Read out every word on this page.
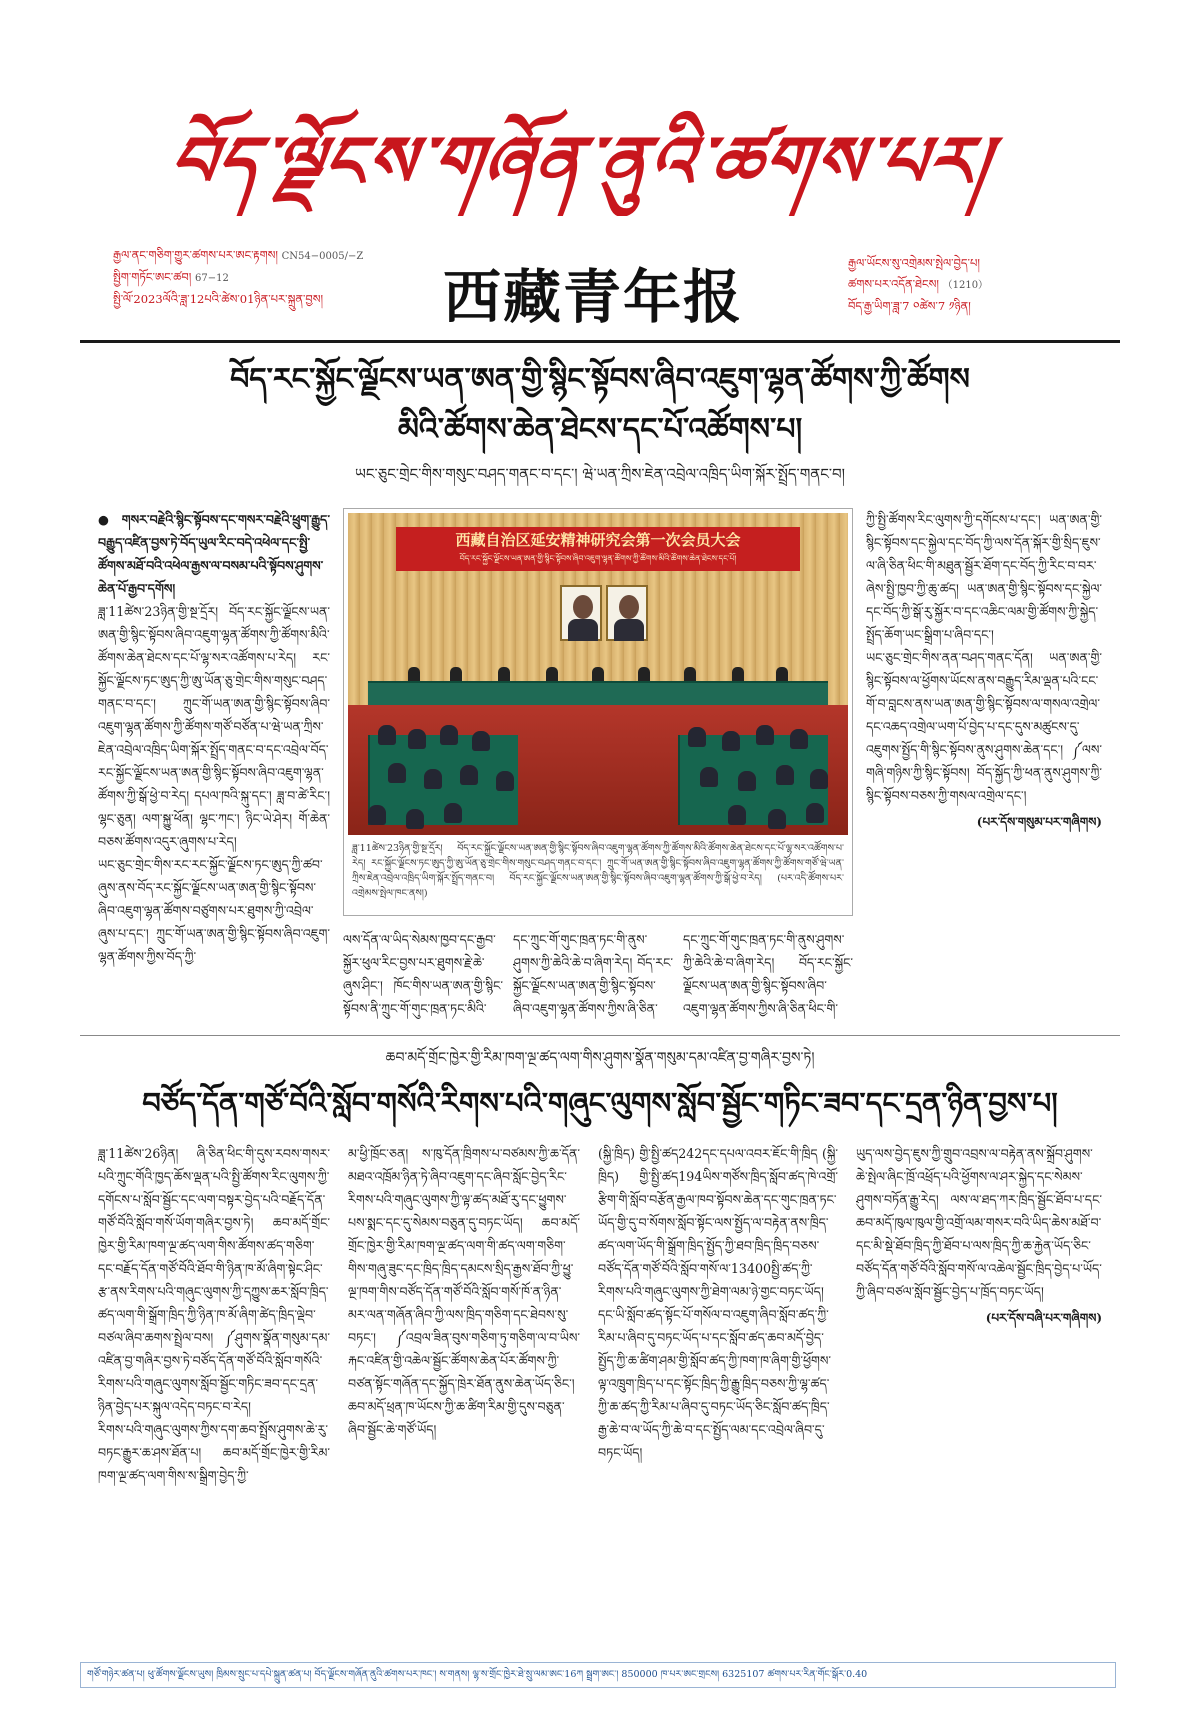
བོད་ལྗོངས་གཞོན་ནུའི་ཚགས་པར།
རྒྱལ་ནང་གཅིག་གྱུར་ཚགས་པར་ཨང་རྟགས། CN54−0005/−Z
སྤྱིག་གཏོང་ཨང་ཚབ། 67−12
སྤྱི་ལོ་2023ལོའི་ཟླ་12པའི་ཚེས་01ཉིན་པར་སྐྲུན་བྱས།	西藏青年报	རྒྱལ་ཡོངས་སུ་འགྲེམས་སྤེལ་བྱེད་པ།
ཚགས་པར་འདོན་ཐེངས། （1210）
བོད་རྒྱ་ཡིག་ཟླ་7 ༠ཚེས་7 ༡ཉིན།
བོད་རང་སྐྱོང་ལྗོངས་ཡན་ཨན་གྱི་སྙིང་སྟོབས་ཞིབ་འཇུག་ལྷན་ཚོགས་ཀྱི་ཚོགས
མིའི་ཚོགས་ཆེན་ཐེངས་དང་པོ་འཚོགས་པ།
ཡང་ཅུང་གྲེང་གིས་གསུང་བཤད་གནང་བ་དང་། ཝེ་ཡན་ཀྲིས་ཇེན་འབྲེལ་འཁྲིད་ཡིག་སྐོར་སྤྲོད་གནང་བ།

● གསར་བརྗེའི་སྙིང་སྟོབས་དང་གསར་བརྗེའི་ཕྲུག་རྒྱུད་བརྒྱུད་འཛིན་བྱས་ཏེ་བོད་ཡུལ་རིང་བདེ་འཕེལ་དང་སྤྱི་ཚོགས་མཐོ་བའི་འཕེལ་རྒྱས་ལ་བསམ་པའི་སྟོབས་ཤུགས་ཆེན་པོ་རྒྱབ་དགོས།

ཟླ་11ཚེས་23ཉིན་གྱི་སྔ་དྲོར། བོད་རང་སྐྱོང་ལྗོངས་ཡན་ཨན་གྱི་སྙིང་སྟོབས་ཞིབ་འཇུག་ལྷན་ཚོགས་ཀྱི་ཚོགས་མིའི་ཚོགས་ཆེན་ཐེངས་དང་པོ་ལྷ་སར་འཚོགས་པ་རེད། རང་སྐྱོང་ལྗོངས་ཏང་ཨུད་ཀྱི་ཨུ་ཡོན་ཅུ་གྲེང་གིས་གསུང་བཤད་གནང་བ་དང་། ཀྲུང་གོ་ཡན་ཨན་གྱི་སྙིང་སྟོབས་ཞིབ་འཇུག་ལྷན་ཚོགས་ཀྱི་ཚོགས་གཙོ་བཙོན་པ་ཝེ་ཡན་ཀྲིས་ཇེན་འབྲེལ་འཁྲིད་ཡིག་སྐོར་སྤྲོད་གནང་བ་དང་འབྲེལ་བོད་རང་སྐྱོང་ལྗོངས་ཡན་ཨན་གྱི་སྙིང་སྟོབས་ཞིབ་འཇུག་ལྷན་ཚོགས་ཀྱི་སྒོ་ཕྱེ་བ་རེད། དཔལ་ཁའི་སྐུ་དང་། ཟླ་བ་ཚེ་རིང་། ལྷང་ཅུན། ལག་སྐྱུ་ཕོན། ལྷང་ཀང་། ཉིང་ཡེ་ཤེར། གོ་ཆེན་བཅས་ཚོགས་འདུར་ཞུགས་པ་རེད།

ཡང་ཅུང་གྲེང་གིས་རང་རང་སྐྱོང་ལྗོངས་ཏང་ཨུད་ཀྱི་ཚབ་ཞུས་ནས་བོད་རང་སྐྱོང་ལྗོངས་ཡན་ཨན་གྱི་སྙིང་སྟོབས་ཞིབ་འཇུག་ལྷན་ཚོགས་བཙུགས་པར་ཐུགས་ཀྱི་འབྲེལ་ཞུས་པ་དང་། ཀྲུང་གོ་ཡན་ཨན་གྱི་སྙིང་སྟོབས་ཞིབ་འཇུག་ལྷན་ཚོགས་ཀྱིས་བོད་ཀྱི་

西藏自治区延安精神研究会第一次会员大会
བོད་རང་སྐྱོང་ལྗོངས་ཡན་ཨན་གྱི་སྙིང་སྟོབས་ཞིབ་འཇུག་ལྷན་ཚོགས་ཀྱི་ཚོགས་མིའི་ཚོགས་ཆེན་ཐེངས་དང་པོ།
ཟླ་11ཚེས་23ཉིན་གྱི་སྔ་དྲོར། བོད་རང་སྐྱོང་ལྗོངས་ཡན་ཨན་གྱི་སྙིང་སྟོབས་ཞིབ་འཇུག་ལྷན་ཚོགས་ཀྱི་ཚོགས་མིའི་ཚོགས་ཆེན་ཐེངས་དང་པོ་ལྷ་སར་འཚོགས་པ་རེད། རང་སྐྱོང་ལྗོངས་ཏང་ཨུད་ཀྱི་ཨུ་ཡོན་ཅུ་གྲེང་གིས་གསུང་བཤད་གནང་བ་དང་། ཀྲུང་གོ་ཡན་ཨན་གྱི་སྙིང་སྟོབས་ཞིབ་འཇུག་ལྷན་ཚོགས་ཀྱི་ཚོགས་གཙོ་ཝེ་ཡན་ཀྲིས་ཇེན་འབྲེལ་འཁྲིད་ཡིག་སྐོར་སྤྲོད་གནང་བ། བོད་རང་སྐྱོང་ལྗོངས་ཡན་ཨན་གྱི་སྙིང་སྟོབས་ཞིབ་འཇུག་ལྷན་ཚོགས་ཀྱི་སྒོ་ཕྱེ་བ་རེད། (པར་འདི་ཚོགས་པར་འགྲེམས་སྤེལ་ཁང་ནས།)
ལས་དོན་ལ་ཡིད་སེམས་ཁྱབ་དང་རྒྱབ་སྐྱོར་ཕུལ་རིང་བྱས་པར་ཐུགས་རྗེ་ཆེ་ཞུས་ཤིང་། ཁོང་གིས་ཡན་ཨན་གྱི་སྙིང་སྟོབས་ནི་ཀྲུང་གོ་གུང་ཁྲན་ཏང་མིའི་
དང་ཀྲུང་གོ་གུང་ཁྲན་ཏང་གི་ནུས་ཤུགས་ཀྱི་ཆེའི་ཆེ་བ་ཞིག་རེད། བོད་རང་སྐྱོང་ལྗོངས་ཡན་ཨན་གྱི་སྙིང་སྟོབས་ཞིབ་འཇུག་ལྷན་ཚོགས་ཀྱིས་ཞི་ཅིན་
དང་ཀྲུང་གོ་གུང་ཁྲན་ཏང་གི་ནུས་ཤུགས་ཀྱི་ཆེའི་ཆེ་བ་ཞིག་རེད། བོད་རང་སྐྱོང་ལྗོངས་ཡན་ཨན་གྱི་སྙིང་སྟོབས་ཞིབ་འཇུག་ལྷན་ཚོགས་ཀྱིས་ཞི་ཅིན་ཕིང་གི་

ཀྱི་སྤྱི་ཚོགས་རིང་ལུགས་ཀྱི་དགོངས་པ་དང་། ཡན་ཨན་གྱི་སྙིང་སྟོབས་དང་སྐྱེལ་དང་བོད་ཀྱི་ལས་དོན་སྐོར་གྱི་སྲིད་ཇུས་ལ་ཞི་ཅིན་ཕིང་གི་མཐུན་སྦྱོར་ཐོག་དང་བོད་ཀྱི་རིང་བ་བར་ཞེས་སྤྱི་ཁྱབ་ཀྱི་ཆུ་ཚད། ཡན་ཨན་གྱི་སྙིང་སྟོབས་དང་སྐྱེལ་དང་བོད་ཀྱི་སྒོ་རུ་སྐྱོར་བ་དང་འཆིང་ལམ་གྱི་ཚོགས་ཀྱི་སྐྱེད་སྤྲོད་ཆོག་ཡང་སྒྲིག་པ་ཞིབ་དང་།

ཡང་ཅུང་གྲེང་གིས་ནན་བཤད་གནང་དོན། ཡན་ཨན་གྱི་སྙིང་སྟོབས་ལ་ཕྱོགས་ཡོངས་ནས་བརྒྱུད་རིམ་ལྡན་པའི་ངང་གོ་བ་བླངས་ནས་ཡན་ཨན་གྱི་སྙིང་སྟོབས་ལ་གསལ་འགྲེལ་དང་འཆད་འགྲེལ་ཡག་པོ་བྱེད་པ་དང་དུས་མཚུངས་དུ་འཇུགས་སྤྱོད་གི་སྙིང་སྟོབས་ནུས་ཤུགས་ཆེན་དང་། ༼ལས་གཞི་གཉིས་ཀྱི་སྙིང་སྟོབས། བོད་སྐྱོད་ཀྱི་ཕན་ནུས་ཤུགས་ཀྱི་སྙིང་སྟོབས་བཅས་ཀྱི་གསལ་འགྲེལ་དང་།

(པར་དོས་གསུམ་པར་གཞིགས)
ཆབ་མདོ་གྲོང་ཁྱེར་གྱི་རིམ་ཁག་ལྔ་ཚད་ལག་གིས་ཤུགས་སྣོན་གསུམ་དམ་འཛིན་བྱ་གཞིར་བྱས་ཏེ།
བཙོད་དོན་གཙོ་བོའི་སློབ་གསོའི་རིགས་པའི་གཞུང་ལུགས་སློབ་སྦྱོང་གཏིང་ཟབ་དང་དྲན་ཉིན་བྱས་པ།

ཟླ་11ཚེས་26ཉིན། ཞི་ཅིན་ཕིང་གི་དུས་རབས་གསར་པའི་ཀྲུང་གོའི་ཁྱད་ཆོས་ལྡན་པའི་སྤྱི་ཚོགས་རིང་ལུགས་ཀྱི་དགོངས་པ་སློབ་སྦྱོང་དང་ལག་བསྟར་བྱེད་པའི་བརྗོད་དོན་གཙོ་བོའི་སློབ་གསོ་ཡོག་གཞིར་བྱས་ཏེ། ཆབ་མདོ་གྲོང་ཁྱེར་གྱི་རིམ་ཁག་ལྔ་ཚད་ལག་གིས་ཚོགས་ཚད་གཅིག་དང་བརྗོད་དོན་གཙོ་བོའི་ཐོབ་གི་ཉིན་ཁ་མོ་ཞིག་སྟེང་ཤིང་རྩ་ནས་རིགས་པའི་གཞུང་ལུགས་ཀྱི་དཀྱུས་ཆར་སློབ་ཁྲིད་ཚད་ལག་གི་སྒྲོག་ཁྲིད་ཀྱི་ཉིན་ཁ་མོ་ཞིག་ཚེད་ཁྲིད་ལྡེབ་བཙལ་ཞིབ་ཆགས་སྤྲེལ་བས། ༼ཤུགས་སྣོན་གསུམ་དམ་འཛིན་བྱ་གཞིར་བྱས་ཏེ་བཙོད་དོན་གཙོ་བོའི་སློབ་གསོའི་རིགས་པའི་གཞུང་ལུགས་སློབ་སྦྱོང་གཏིང་ཟབ་དང་དྲན་ཉིན་བྱེད་པར་སྐུལ་འདེད་བཏང་བ་རེད།

རིགས་པའི་གཞུང་ལུགས་ཀྱིས་དག་ཆབ་སྤྲོས་ཤུགས་ཆེ་རུ་བཏང་རྒྱུར་ཆ་ཤས་ཐོན་པ། ཆབ་མདོ་གྲོང་ཁྱེར་གྱི་རིམ་ཁག་ལྔ་ཚད་ལག་གིས་ས་སྒྲིག་བྱེད་ཀྱི་

མ་ཕྱི་ཁྲོང་ཅན། ས་ཁུ་དོན་ཁྲིགས་པ་བཙམས་ཀྱི་ཆ་དོན་མཐའ་འཁྲོམ་ཉིན་ཏེ་ཞིབ་འཇུག་དང་ཞིབ་སློང་བྱེད་རིང་རིགས་པའི་གཞུང་ལུགས་ཀྱི་ལྟ་ཚད་མཐོ་རུ་དང་ཕྱུགས་པས་སྨང་དང་དུ་སེམས་བཅུན་དུ་བཏང་ཡོད། ཆབ་མདོ་གྲོང་ཁྱེར་གྱི་རིམ་ཁག་ལྔ་ཚད་ལག་གི་ཚད་ལག་གཅིག་གིས་གཞུ་ཟུང་དང་ཁྲིད་ཁྲིད་དམངས་སྲིད་རྒྱས་ཐོབ་ཀྱི་ཕྱུ་ལྔ་ཁག་གིས་བཙོད་དོན་གཙོ་བོའི་སློབ་གསོ་ཁོ་ན་ཉིན་མར་ལན་གཞོན་ཞིབ་ཀྱི་ལས་ཁྲིད་གཅིག་དང་ཐེབས་སུ་བཏང་། ༼འབྲལ་ཟིན་བུས་གཅིག་ཏུ་གཅིག་ལ་བ་ཡིས་རྐང་འཛིན་གྱི་འཆེལ་སྦྱོང་ཚོགས་ཆེན་པོར་ཚོགས་ཀྱི་བཙན་སྟོང་གཞོན་དང་སྐྱོད་ཁྲེར་ཐོན་ནུས་ཆེན་ཡོད་ཅིང་། ཆབ་མདོ་ཕྲན་ཁ་ཡོངས་ཀྱི་ཆ་ཚིག་རིམ་གྱི་དུས་བཅུན་ཞིབ་སྦྱོང་ཆེ་གཙོ་ཡོད།

(སྐྱི་ཁྲིད) གྱི་སྤྱི་ཚད242དང་དཔལ་འབར་ཇོང་གི་ཁྲིད (སྐྱི་ཁྲིད) གྱི་སྤྱི་ཚད194ཡིས་གཙོས་ཁྲིད་སློབ་ཚད་ཁེ་འགྲོ་རྩིག་གི་སློབ་བརྩོན་རྒྱལ་ཁབ་སྟོབས་ཆེན་དང་གུང་ཁྲན་ཏང་ཡོད་གྱི་དུ་བ་སོགས་སློབ་སྟོང་ལས་སྤྱོད་ལ་བརྟེན་ནས་ཁྲིད་ཚད་ལག་ཡོད་གི་སྒྲོག་ཁྲིད་སྤྱོད་ཀྱི་ཐབ་ཁྲིད་ཁྲིད་བཅས་བཙོད་དོན་གཙོ་བོའི་སློབ་གསོ་ལ་13400སྤྱི་ཚད་ཀྱི་རིགས་པའི་གཞུང་ལུགས་ཀྱི་ཐེག་ལམ་ཉེ་གྱང་བཏང་ཡོད།

དང་ཡི་སློབ་ཚད་སྟོང་པོ་གསོལ་བ་འཇུག་ཞིབ་སློབ་ཚད་ཀྱི་རིམ་པ་ཞིབ་དུ་བཏང་ཡོད་པ་དང་སློབ་ཚད་ཆབ་མདོ་བྱེད་སྤྱོད་ཀྱི་ཆ་ཚིག་ཤམ་གྱི་སློབ་ཚད་ཀྱི་ཁག་ཁ་ཞིག་གྱི་ཕྱོགས་ལྟ་འཁྲུག་ཁྲིད་པ་དང་སྟོང་ཁྲིད་ཀྱི་རྒྱུ་ཁྲིད་བཅས་ཀྱི་ལྷ་ཚད་ཀྱི་ཆ་ཚད་ཀྱི་རིམ་པ་ཞིབ་དུ་བཏང་ཡོད་ཅིང་སློབ་ཚད་ཁྲིད་རྒྱ་ཆེ་བ་ལ་ཡོད་ཀྱི་ཆེ་བ་དང་སྤྱོད་ལམ་དང་འབྲེལ་ཞིབ་དུ་བཏང་ཡོད།

ཡུད་ལས་བྱེད་ཇུས་ཀྱི་གྲུབ་འབྲས་ལ་བརྟེན་ནས་སྐྲོབ་ཤུགས་ཆེ་སྤེལ་ཞིང་ཁྲོ་འཕྲོད་པའི་ཕྱོགས་ལ་ཤར་སྐྱེད་དང་སེམས་ཤུགས་བཏོན་རྒྱུ་རེད། ལས་ལ་ཐད་ཀར་ཁྲིད་སྦྱོང་ཐོབ་པ་དང་ཆབ་མདོ་ཁུལ་ཁུལ་གྱི་འགྲོ་ལམ་གསར་བའི་ཡིད་ཆེས་མཐོ་བ་དང་མི་སྡེ་ཐོབ་ཁྲིད་ཀྱི་ཐོབ་པ་ལས་ཁྲིད་ཀྱི་ཆ་རྐྱེན་ཡོད་ཅིང་བཙོད་དོན་གཙོ་བོའི་སློབ་གསོ་ལ་འཆེལ་སྦྱོང་ཁྲིད་བྱེད་པ་ཡོད་ཀྱི་ཞིབ་བཙལ་སློབ་སྦྱོང་བྱེད་པ་ཁྲོད་བཏང་ཡོད།

(པར་དོས་བཞི་པར་གཞིགས)
གཙོ་གཉེར་ཚན་པ། ཕུ་ཚོགས་ལྗོངས་ཡུས། ཁྲིམས་སྲུང་པ་དཔེ་སྐྲུན་ཚན་པ། བོད་ལྗོངས་གཞོན་ནུའི་ཚགས་པར་ཁང་། ས་གནས། ལྷ་ས་གྲོང་ཁྱེར་ཐེ་སྲུ་ལམ་ཨང་16ཀ སྦྲག་ཨང་། 850000 ཁ་པར་ཨང་གྲངས། 6325107 ཚགས་པར་རིན་གོང་སྒོར་0.40
